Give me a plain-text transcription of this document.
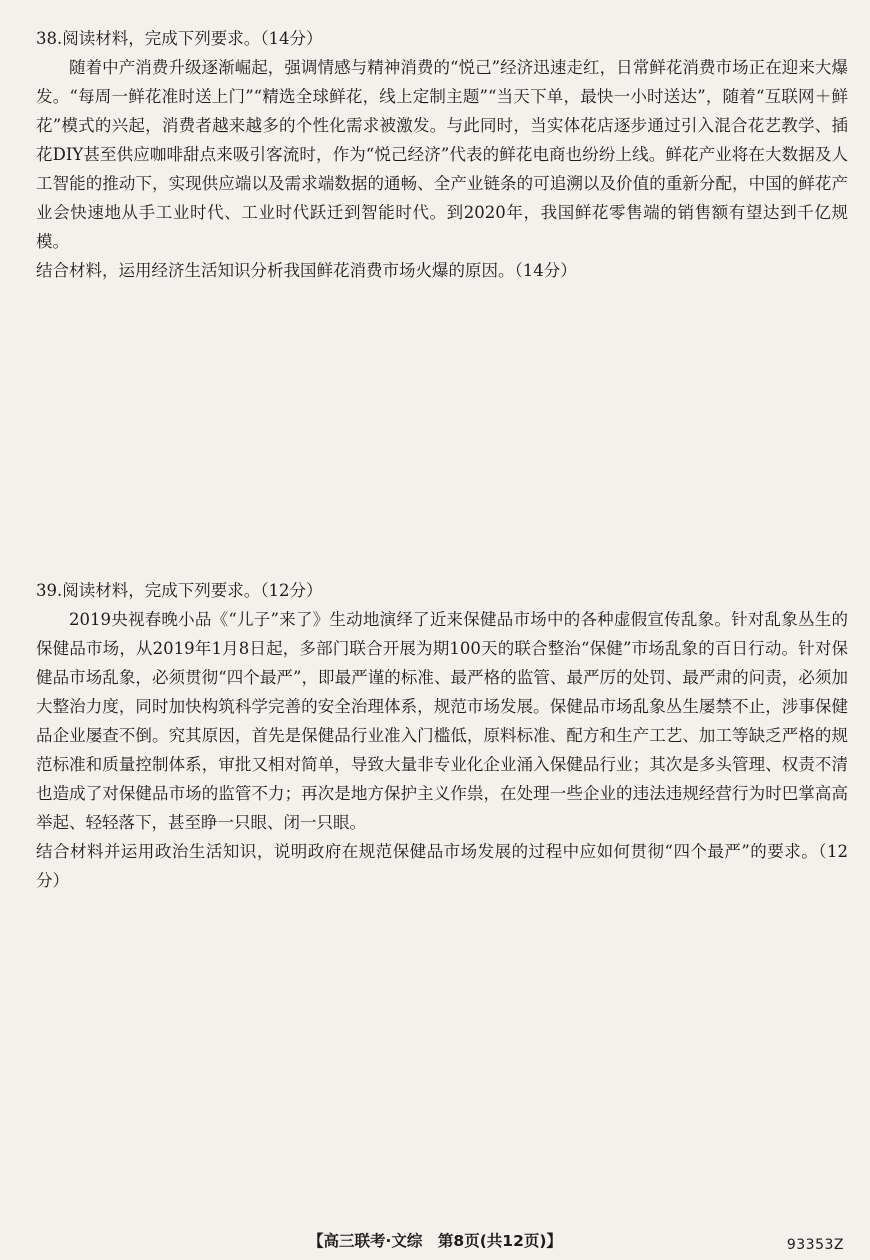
38.阅读材料，完成下列要求。（14分）

随着中产消费升级逐渐崛起，强调情感与精神消费的“悦己”经济迅速走红，日常鲜花消费市场正在迎来大爆发。“每周一鲜花准时送上门”“精选全球鲜花，线上定制主题”“当天下单，最快一小时送达”，随着“互联网＋鲜花”模式的兴起，消费者越来越多的个性化需求被激发。与此同时，当实体花店逐步通过引入混合花艺教学、插花DIY甚至供应咖啡甜点来吸引客流时，作为“悦己经济”代表的鲜花电商也纷纷上线。鲜花产业将在大数据及人工智能的推动下，实现供应端以及需求端数据的通畅、全产业链条的可追溯以及价值的重新分配，中国的鲜花产业会快速地从手工业时代、工业时代跃迁到智能时代。到2020年，我国鲜花零售端的销售额有望达到千亿规模。

结合材料，运用经济生活知识分析我国鲜花消费市场火爆的原因。（14分）

39.阅读材料，完成下列要求。（12分）

2019央视春晚小品《“儿子”来了》生动地演绎了近来保健品市场中的各种虚假宣传乱象。针对乱象丛生的保健品市场，从2019年1月8日起，多部门联合开展为期100天的联合整治“保健”市场乱象的百日行动。针对保健品市场乱象，必须贯彻“四个最严”，即最严谨的标准、最严格的监管、最严厉的处罚、最严肃的问责，必须加大整治力度，同时加快构筑科学完善的安全治理体系，规范市场发展。保健品市场乱象丛生屡禁不止，涉事保健品企业屡查不倒。究其原因，首先是保健品行业准入门槛低，原料标准、配方和生产工艺、加工等缺乏严格的规范标准和质量控制体系，审批又相对简单，导致大量非专业化企业涌入保健品行业；其次是多头管理、权责不清也造成了对保健品市场的监管不力；再次是地方保护主义作祟，在处理一些企业的违法违规经营行为时巴掌高高举起、轻轻落下，甚至睁一只眼、闭一只眼。

结合材料并运用政治生活知识，说明政府在规范保健品市场发展的过程中应如何贯彻“四个最严”的要求。（12分）

【高三联考·文综　第8页(共12页)】	93353Z
